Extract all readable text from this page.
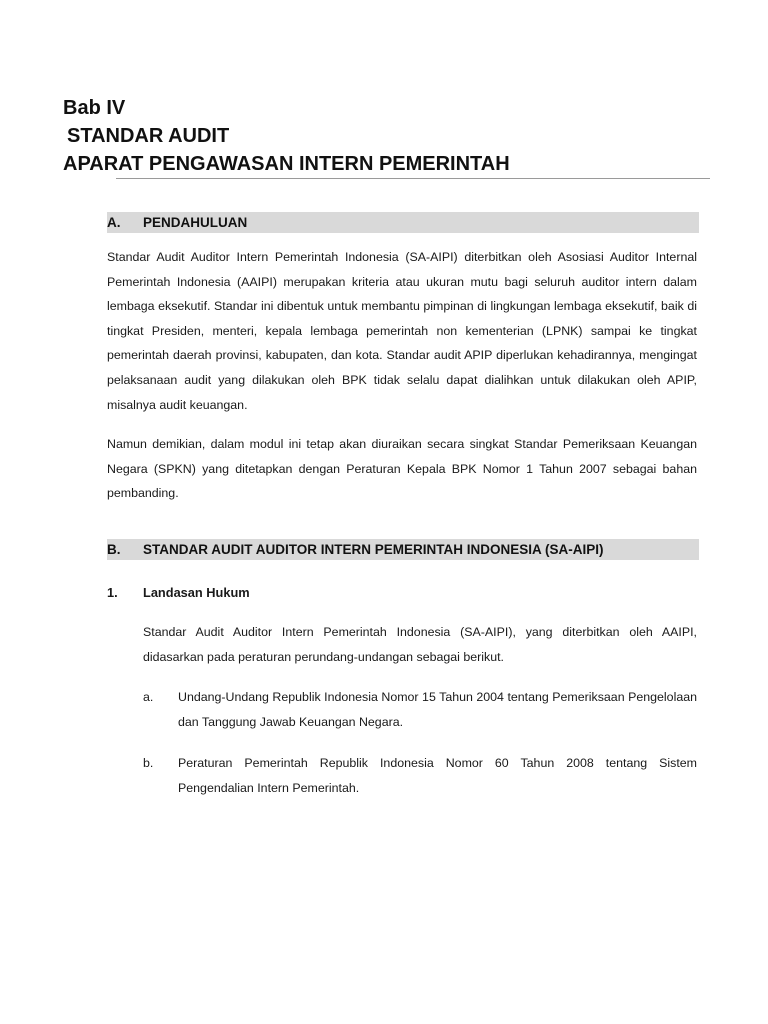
Bab IV
STANDAR AUDIT
APARAT PENGAWASAN INTERN PEMERINTAH
A. PENDAHULUAN
Standar Audit Auditor Intern Pemerintah Indonesia (SA-AIPI) diterbitkan oleh Asosiasi Auditor Internal Pemerintah Indonesia (AAIPI) merupakan kriteria atau ukuran mutu bagi seluruh auditor intern dalam lembaga eksekutif. Standar ini dibentuk untuk membantu pimpinan di lingkungan lembaga eksekutif, baik di tingkat Presiden, menteri, kepala lembaga pemerintah non kementerian (LPNK) sampai ke tingkat pemerintah daerah provinsi, kabupaten, dan kota. Standar audit APIP diperlukan kehadirannya, mengingat pelaksanaan audit yang dilakukan oleh BPK tidak selalu dapat dialihkan untuk dilakukan oleh APIP, misalnya audit keuangan.
Namun demikian, dalam modul ini tetap akan diuraikan secara singkat Standar Pemeriksaan Keuangan Negara (SPKN) yang ditetapkan dengan Peraturan Kepala BPK Nomor 1 Tahun 2007 sebagai bahan pembanding.
B. STANDAR AUDIT AUDITOR INTERN PEMERINTAH INDONESIA (SA-AIPI)
1. Landasan Hukum
Standar Audit Auditor Intern Pemerintah Indonesia (SA-AIPI), yang diterbitkan oleh AAIPI, didasarkan pada peraturan perundang-undangan sebagai berikut.
a. Undang-Undang Republik Indonesia Nomor 15 Tahun 2004 tentang Pemeriksaan Pengelolaan dan Tanggung Jawab Keuangan Negara.
b. Peraturan Pemerintah Republik Indonesia Nomor 60 Tahun 2008 tentang Sistem Pengendalian Intern Pemerintah.
